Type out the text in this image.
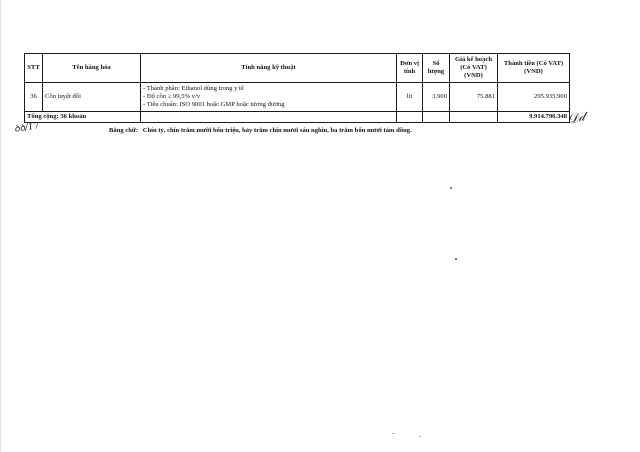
STT	Tên hàng hóa	Tính năng kỹ thuật	Đơn vị tính	Số lượng	Giá kế hoạch (Có VAT) (VND)	Thành tiền (Có VAT) (VND)
36	Cồn tuyệt đối	- Thành phần: Ethanol dùng trong y tế
- Độ cồn ≥ 99,5% v/v
- Tiêu chuẩn: ISO 9001 hoặc GMP hoặc tương đương	lít	3.900	75.881	295.935.900
Tổng cộng: 36 khoản						9.914.796.348
Bằng chữ: Chín tỷ, chín trăm mười bốn triệu, bảy trăm chín mươi sáu nghìn, ba trăm bốn mươi tám đồng.
ꝺꝺ/17
𝒟𝒹
